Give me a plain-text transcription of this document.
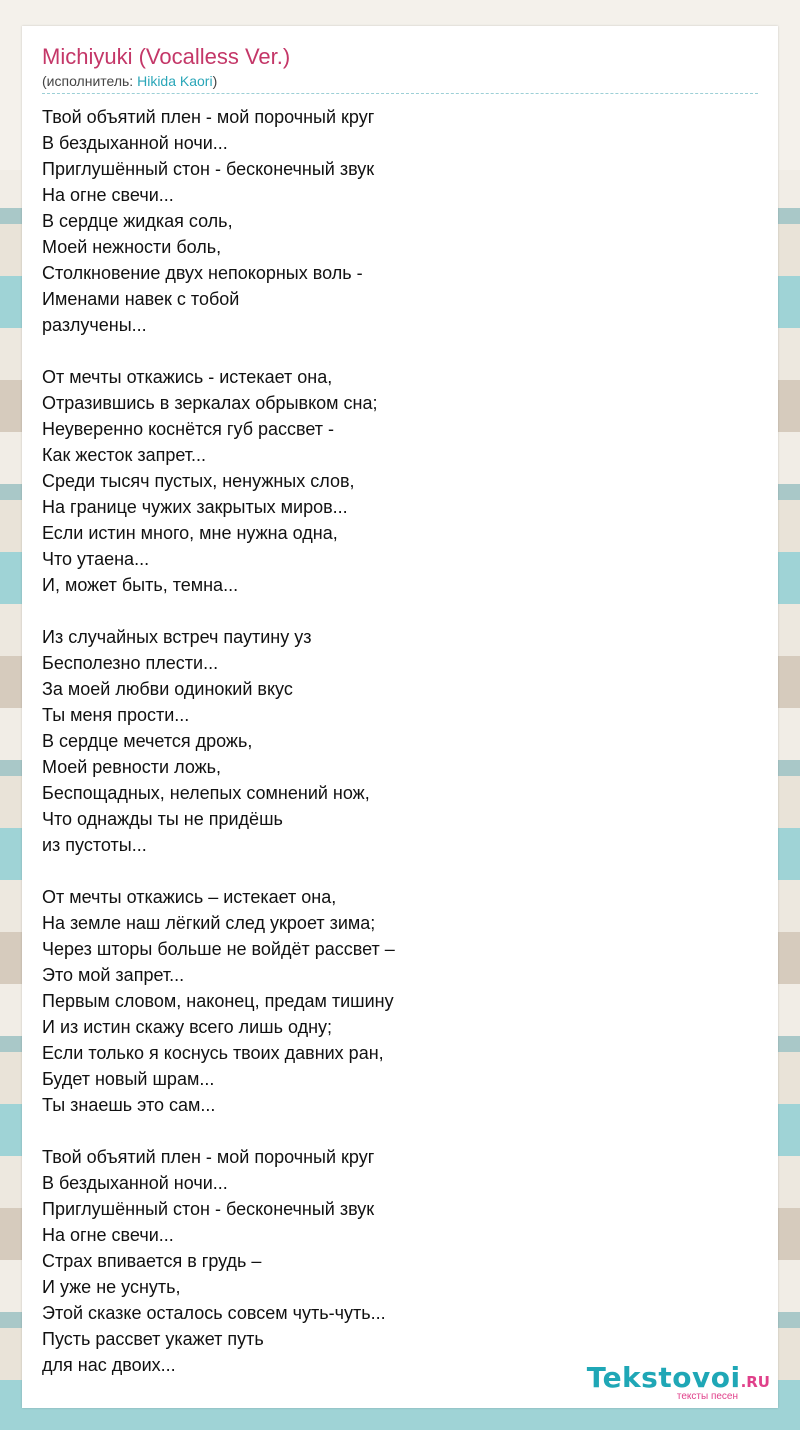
Michiyuki (Vocalless Ver.)
(исполнитель: Hikida Kaori)
Твой объятий плен - мой порочный круг
В бездыханной ночи...
Приглушённый стон - бесконечный звук
На огне свечи...
В сердце жидкая соль,
Моей нежности боль,
Столкновение двух непокорных воль -
Именами навек с тобой
разлучены...
От мечты откажись - истекает она,
Отразившись в зеркалах обрывком сна;
Неуверенно коснётся губ рассвет -
Как жесток запрет...
Среди тысяч пустых, ненужных слов,
На границе чужих закрытых миров...
Если истин много, мне нужна одна,
Что утаена...
И, может быть, темна...
Из случайных встреч паутину уз
Бесполезно плести...
За моей любви одинокий вкус
Ты меня прости...
В сердце мечется дрожь,
Моей ревности ложь,
Беспощадных, нелепых сомнений нож,
Что однажды ты не придёшь
из пустоты...
От мечты откажись – истекает она,
На земле наш лёгкий след укроет зима;
Через шторы больше не войдёт рассвет –
Это мой запрет...
Первым словом, наконец, предам тишину
И из истин скажу всего лишь одну;
Если только я коснусь твоих давних ран,
Будет новый шрам...
Ты знаешь это сам...
Твой объятий плен - мой порочный круг
В бездыханной ночи...
Приглушённый стон - бесконечный звук
На огне свечи...
Страх впивается в грудь –
И уже не уснуть,
Этой сказке осталось совсем чуть-чуть...
Пусть рассвет укажет путь
для нас двоих...	Tekstovoi.RU
тексты песен
